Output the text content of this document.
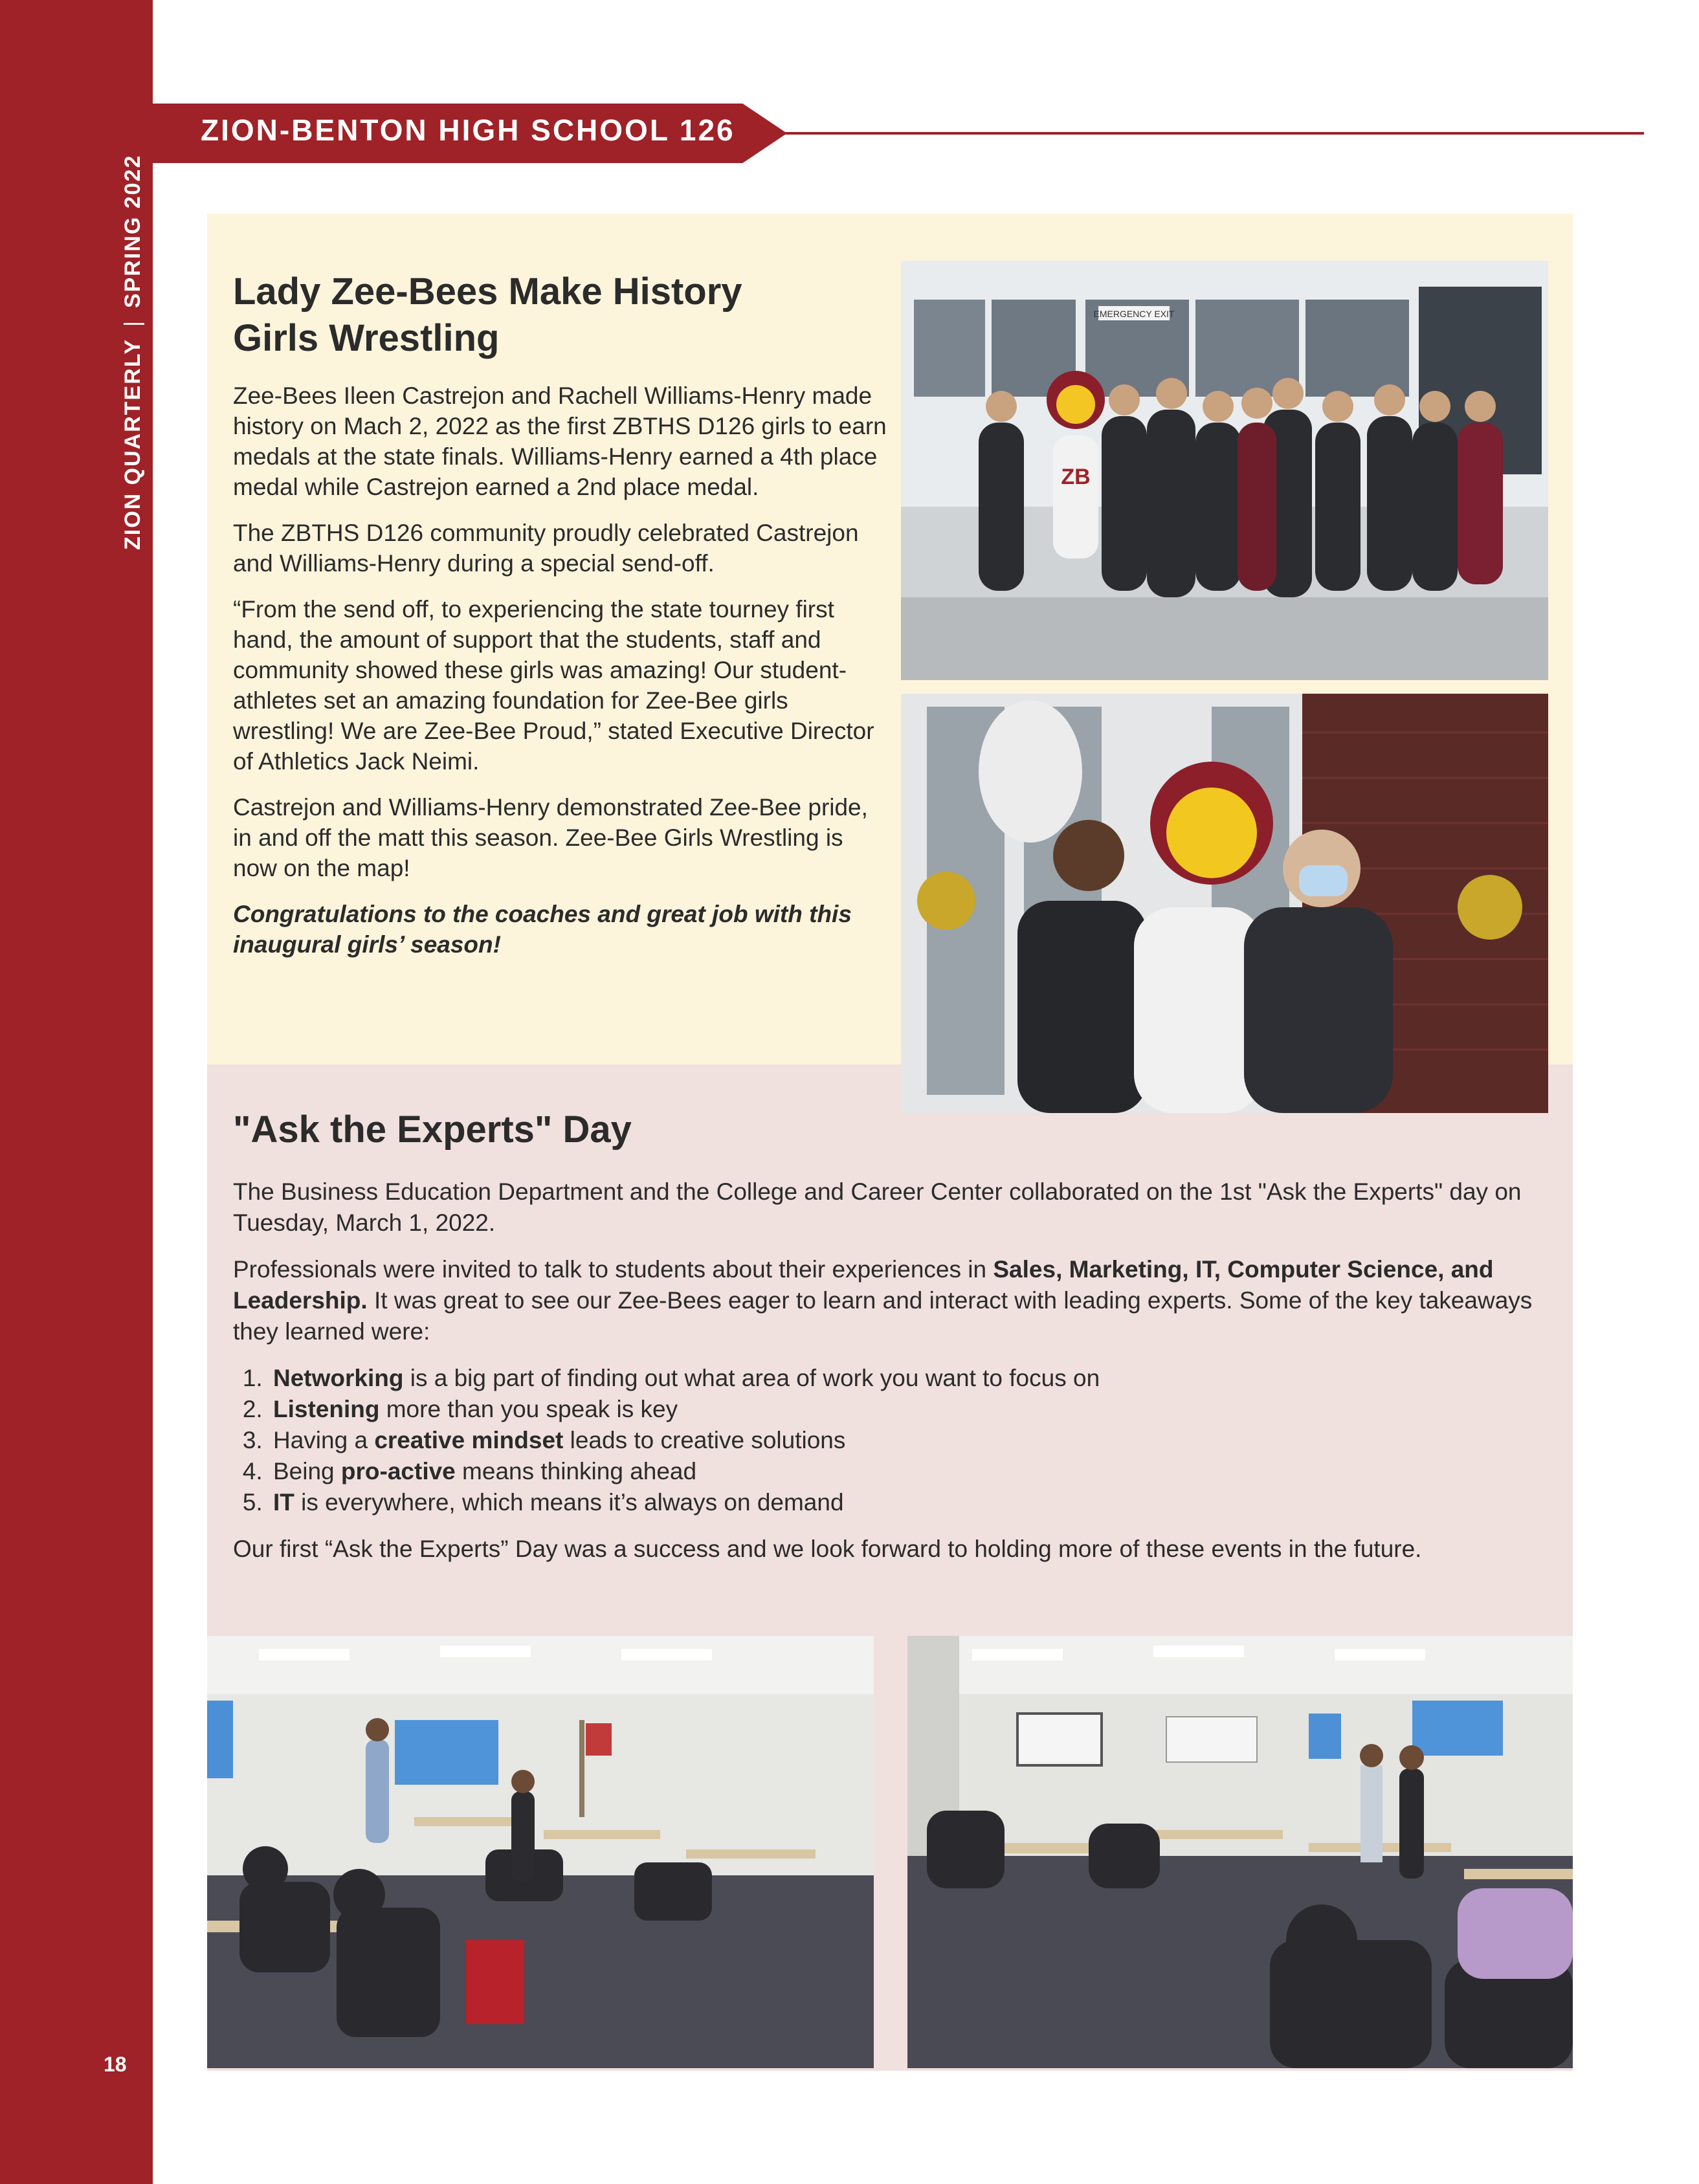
ZION QUARTERLY|SPRING 2022
18
ZION-BENTON HIGH SCHOOL 126
Lady Zee-Bees Make History
Girls Wrestling

Zee-Bees Ileen Castrejon and Rachell Williams-Henry made history on Mach 2, 2022 as the first ZBTHS D126 girls to earn medals at the state finals. Williams-Henry earned a 4th place medal while Castrejon earned a 2nd place medal.

The ZBTHS D126 community proudly celebrated Castrejon and Williams-Henry during a special send-off.

“From the send off, to experiencing the state tourney first hand, the amount of support that the students, staff and community showed these girls was amazing! Our student-athletes set an amazing foundation for Zee-Bee girls wrestling! We are Zee-Bee Proud,” stated Executive Director of Athletics Jack Neimi.

Castrejon and Williams-Henry demonstrated Zee-Bee pride, in and off the matt this season. Zee-Bee Girls Wrestling is now on the map!

Congratulations to the coaches and great job with this inaugural girls’ season!

EMERGENCY EXIT
ZB
"Ask the Experts" Day

The Business Education Department and the College and Career Center collaborated on the 1st "Ask the Experts" day on Tuesday, March 1, 2022.

Professionals were invited to talk to students about their experiences in Sales, Marketing, IT, Computer Science, and Leadership. It was great to see our Zee-Bees eager to learn and interact with leading experts. Some of the key takeaways they learned were:

1. Networking is a big part of finding out what area of work you want to focus on
2. Listening more than you speak is key
3. Having a creative mindset leads to creative solutions
4. Being pro-active means thinking ahead
5. IT is everywhere, which means it’s always on demand

Our first “Ask the Experts” Day was a success and we look forward to holding more of these events in the future.
